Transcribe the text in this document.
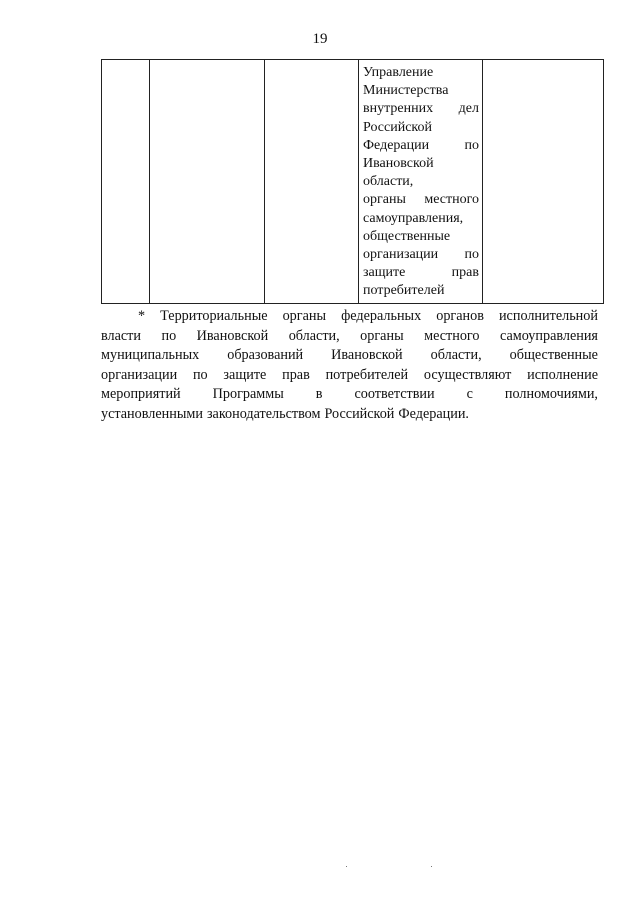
19

Управление
Министерства
внутренних дел
Российской
Федерации	по
Ивановской
области,
органы местного
самоуправления,
общественные
организации по
защите	прав
потребителей

* Территориальные органы федеральных органов исполнительной
власти по Ивановской области, органы местного самоуправления
муниципальных образований Ивановской области, общественные
организации по защите прав потребителей осуществляют исполнение
мероприятий Программы в соответствии с полномочиями,
установленными законодательством Российской Федерации.
